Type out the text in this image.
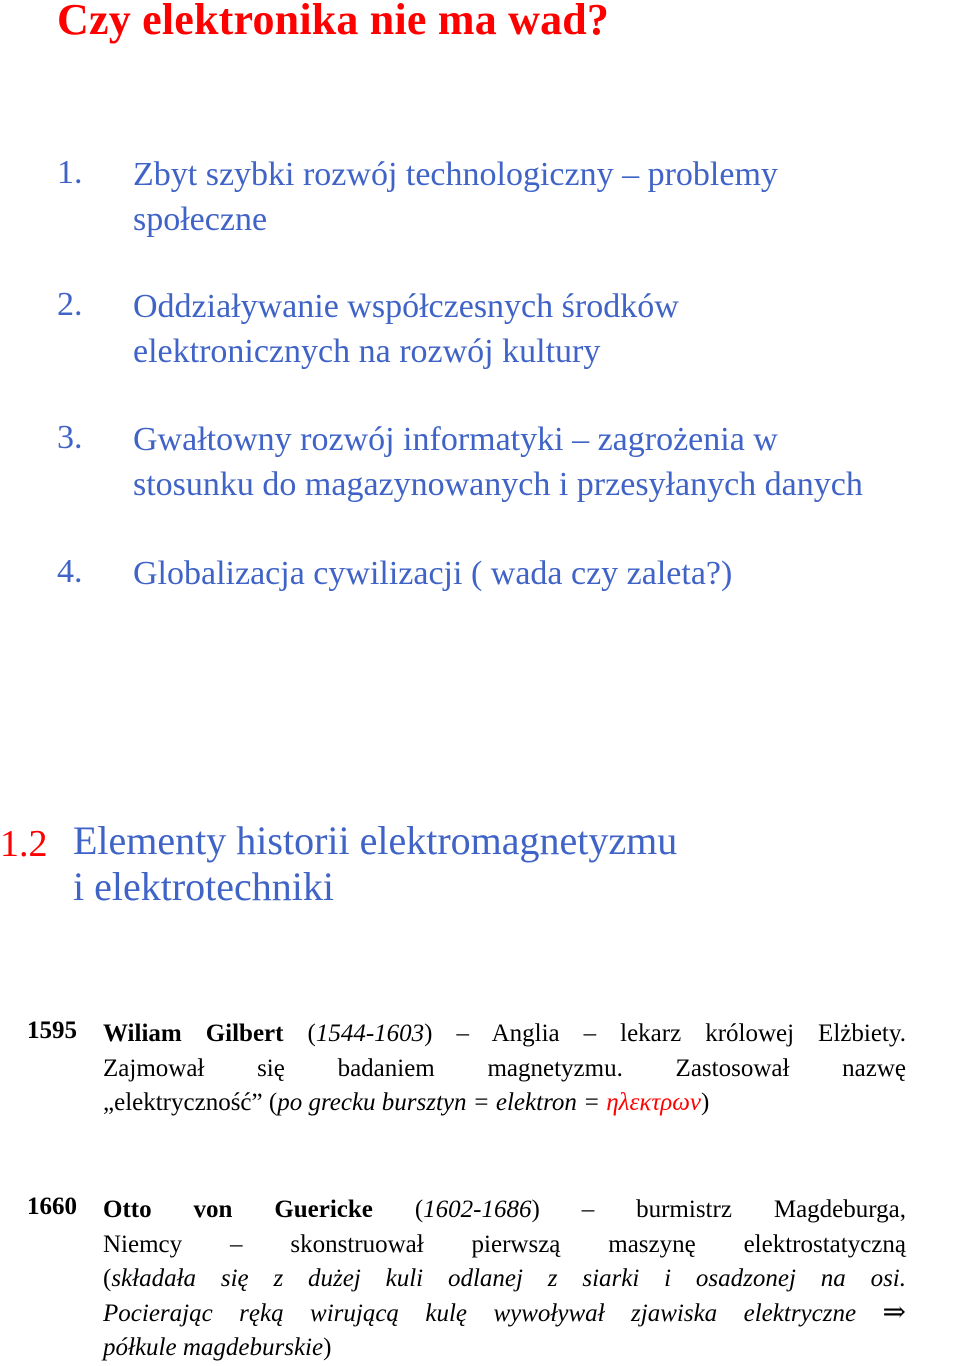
Czy elektronika nie ma wad?
1. Zbyt szybki rozwój technologiczny – problemy
społeczne
2. Oddziaływanie współczesnych środków
elektronicznych na rozwój kultury
3. Gwałtowny rozwój informatyki – zagrożenia w
stosunku do magazynowanych i przesyłanych danych
4. Globalizacja cywilizacji ( wada czy zaleta?)
1.2 Elementy historii elektromagnetyzmu
i elektrotechniki
1595 Wiliam Gilbert (1544-1603) – Anglia – lekarz królowej Elżbiety.
Zajmował się badaniem magnetyzmu. Zastosował nazwę
„elektryczność” (po grecku bursztyn = elektron = ηλεκτρων)
1660 Otto von Guericke (1602-1686) – burmistrz Magdeburga,
Niemcy – skonstruował pierwszą maszynę elektrostatyczną
(składała się z dużej kuli odlanej z siarki i osadzonej na osi.
Pocierając ręką wirującą kulę wywoływał zjawiska elektryczne ⇒
półkule magdeburskie)
